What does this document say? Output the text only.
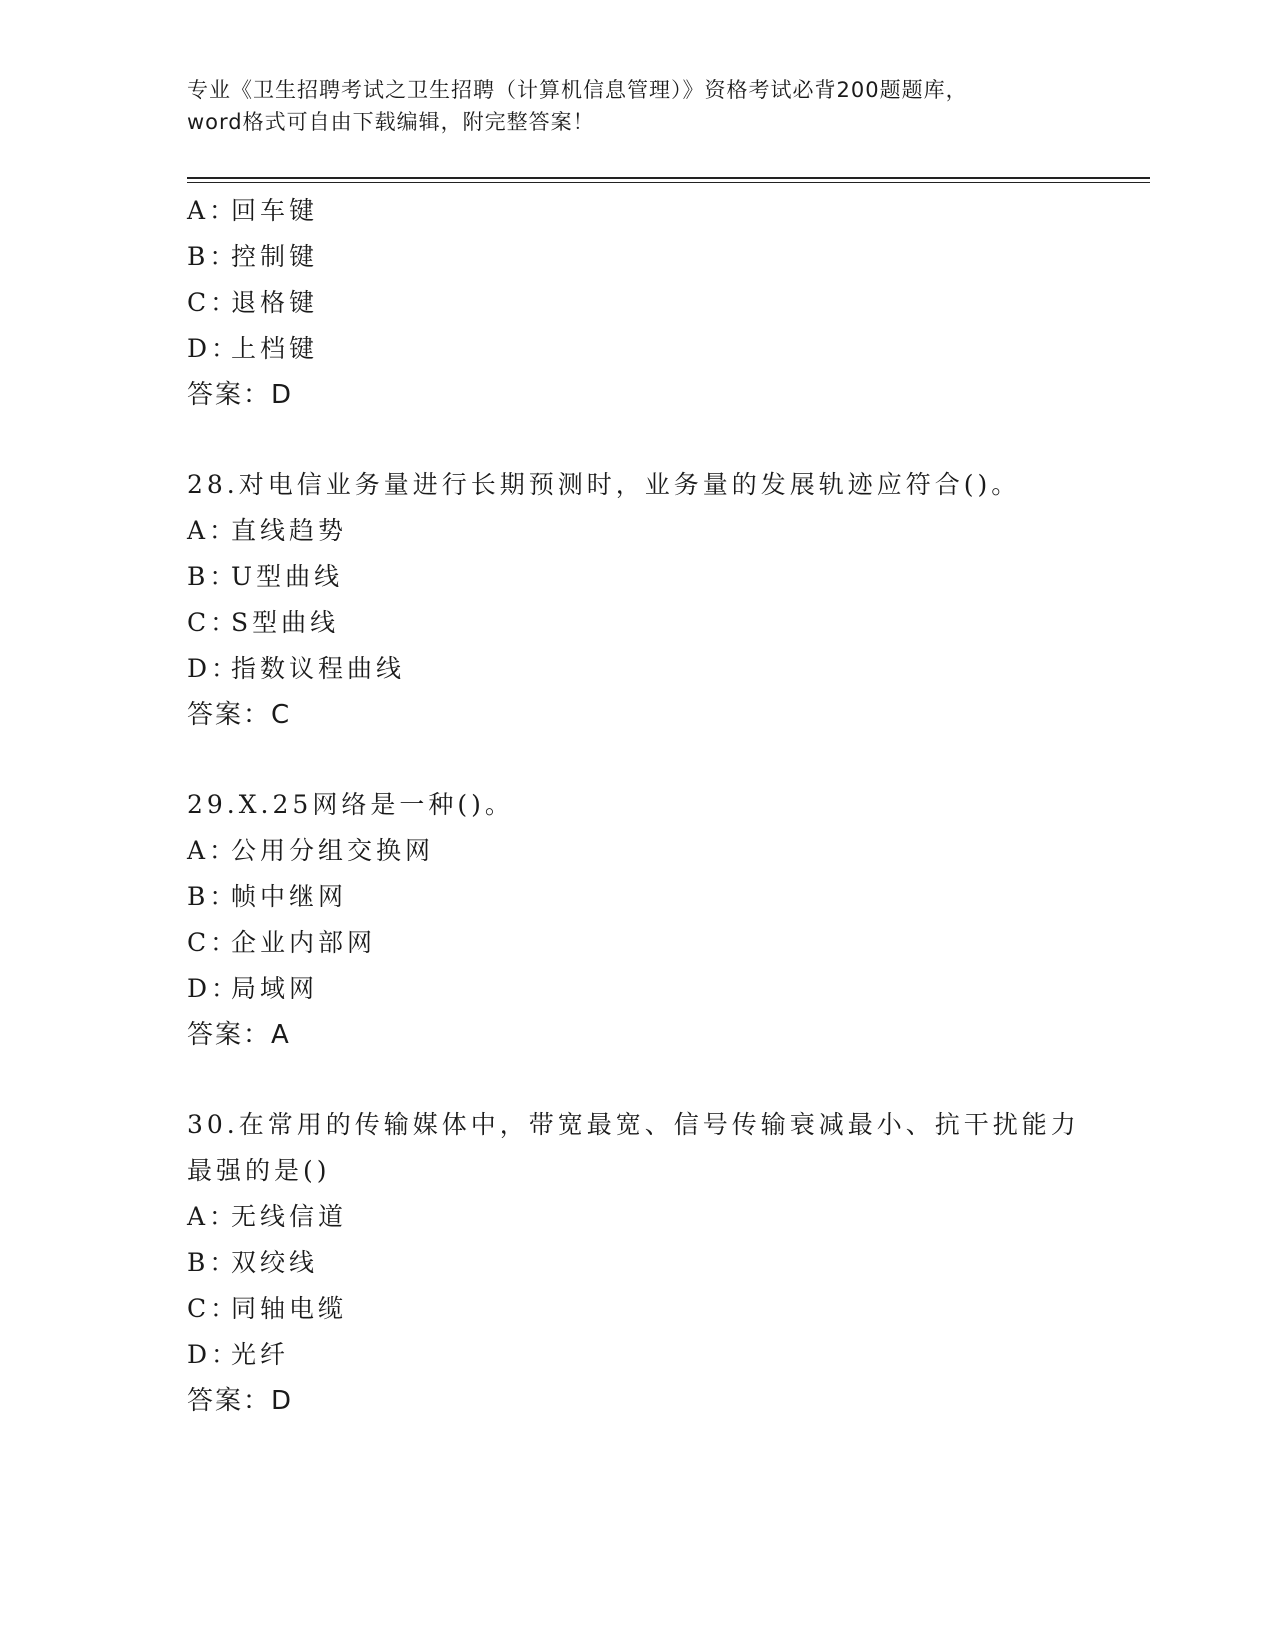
专业《卫生招聘考试之卫生招聘（计算机信息管理）》资格考试必背200题题库，
word格式可自由下载编辑，附完整答案！
A：回车键
B：控制键
C：退格键
D：上档键
答案：D
28.对电信业务量进行长期预测时，业务量的发展轨迹应符合()。
A：直线趋势
B：U型曲线
C：S型曲线
D：指数议程曲线
答案：C
29.X.25网络是一种()。
A：公用分组交换网
B：帧中继网
C：企业内部网
D：局域网
答案：A
30.在常用的传输媒体中，带宽最宽、信号传输衰减最小、抗干扰能力
最强的是()
A：无线信道
B：双绞线
C：同轴电缆
D：光纤
答案：D
